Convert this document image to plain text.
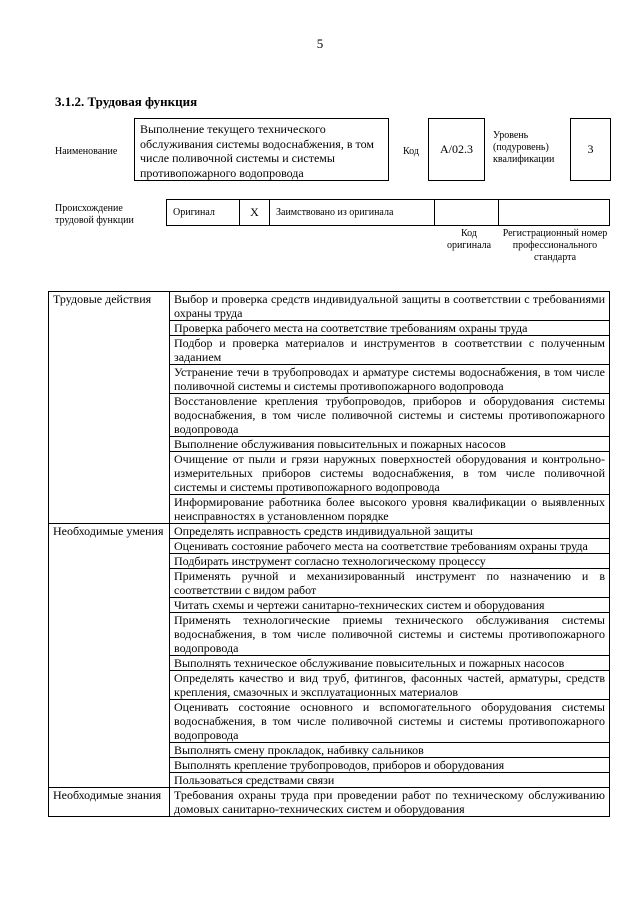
5
3.1.2. Трудовая функция
Наименование
Выполнение текущего технического обслуживания системы водоснабжения, в том числе поливочной системы и системы противопожарного водопровода
Код	А/02.3
Уровень (подуровень) квалификации
3
Происхождение трудовой функции
Оригинал	X	Заимствовано из оригинала
Код оригинала
Регистрационный номер профессионального стандарта
Трудовые действия	Выбор и проверка средств индивидуальной защиты в соответствии с требованиями охраны труда
	Проверка рабочего места на соответствие требованиям охраны труда
	Подбор и проверка материалов и инструментов в соответствии с полученным заданием
	Устранение течи в трубопроводах и арматуре системы водоснабжения, в том числе поливочной системы и системы противопожарного водопровода
	Восстановление крепления трубопроводов, приборов и оборудования системы водоснабжения, в том числе поливочной системы и системы противопожарного водопровода
	Выполнение обслуживания повысительных и пожарных насосов
	Очищение от пыли и грязи наружных поверхностей оборудования и контрольно-измерительных приборов системы водоснабжения, в том числе поливочной системы и системы противопожарного водопровода
	Информирование работника более высокого уровня квалификации о выявленных неисправностях в установленном порядке
Необходимые умения	Определять исправность средств индивидуальной защиты
	Оценивать состояние рабочего места на соответствие требованиям охраны труда
	Подбирать инструмент согласно технологическому процессу
	Применять ручной и механизированный инструмент по назначению и в соответствии с видом работ
	Читать схемы и чертежи санитарно-технических систем и оборудования
	Применять технологические приемы технического обслуживания системы водоснабжения, в том числе поливочной системы и системы противопожарного водопровода
	Выполнять техническое обслуживание повысительных и пожарных насосов
	Определять качество и вид труб, фитингов, фасонных частей, арматуры, средств крепления, смазочных и эксплуатационных материалов
	Оценивать состояние основного и вспомогательного оборудования системы водоснабжения, в том числе поливочной системы и системы противопожарного водопровода
	Выполнять смену прокладок, набивку сальников
	Выполнять крепление трубопроводов, приборов и оборудования
	Пользоваться средствами связи
Необходимые знания	Требования охраны труда при проведении работ по техническому обслуживанию домовых санитарно-технических систем и оборудования
